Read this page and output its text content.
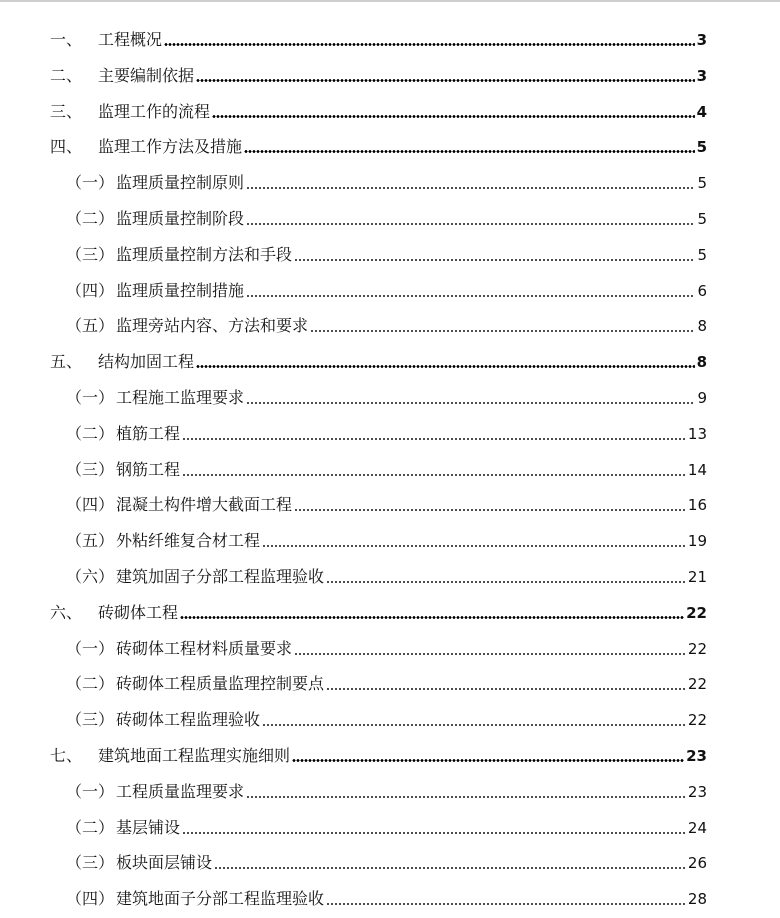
一、 工程概况	3
二、 主要编制依据	3
三、 监理工作的流程	4
四、 监理工作方法及措施	5
（一） 监理质量控制原则	5
（二） 监理质量控制阶段	5
（三） 监理质量控制方法和手段	5
（四） 监理质量控制措施	6
（五） 监理旁站内容、方法和要求	8
五、 结构加固工程	8
（一） 工程施工监理要求	9
（二） 植筋工程	13
（三） 钢筋工程	14
（四） 混凝土构件增大截面工程	16
（五） 外粘纤维复合材工程	19
（六） 建筑加固子分部工程监理验收	21
六、 砖砌体工程	22
（一） 砖砌体工程材料质量要求	22
（二） 砖砌体工程质量监理控制要点	22
（三） 砖砌体工程监理验收	22
七、 建筑地面工程监理实施细则	23
（一） 工程质量监理要求	23
（二） 基层铺设	24
（三） 板块面层铺设	26
（四） 建筑地面子分部工程监理验收	28
